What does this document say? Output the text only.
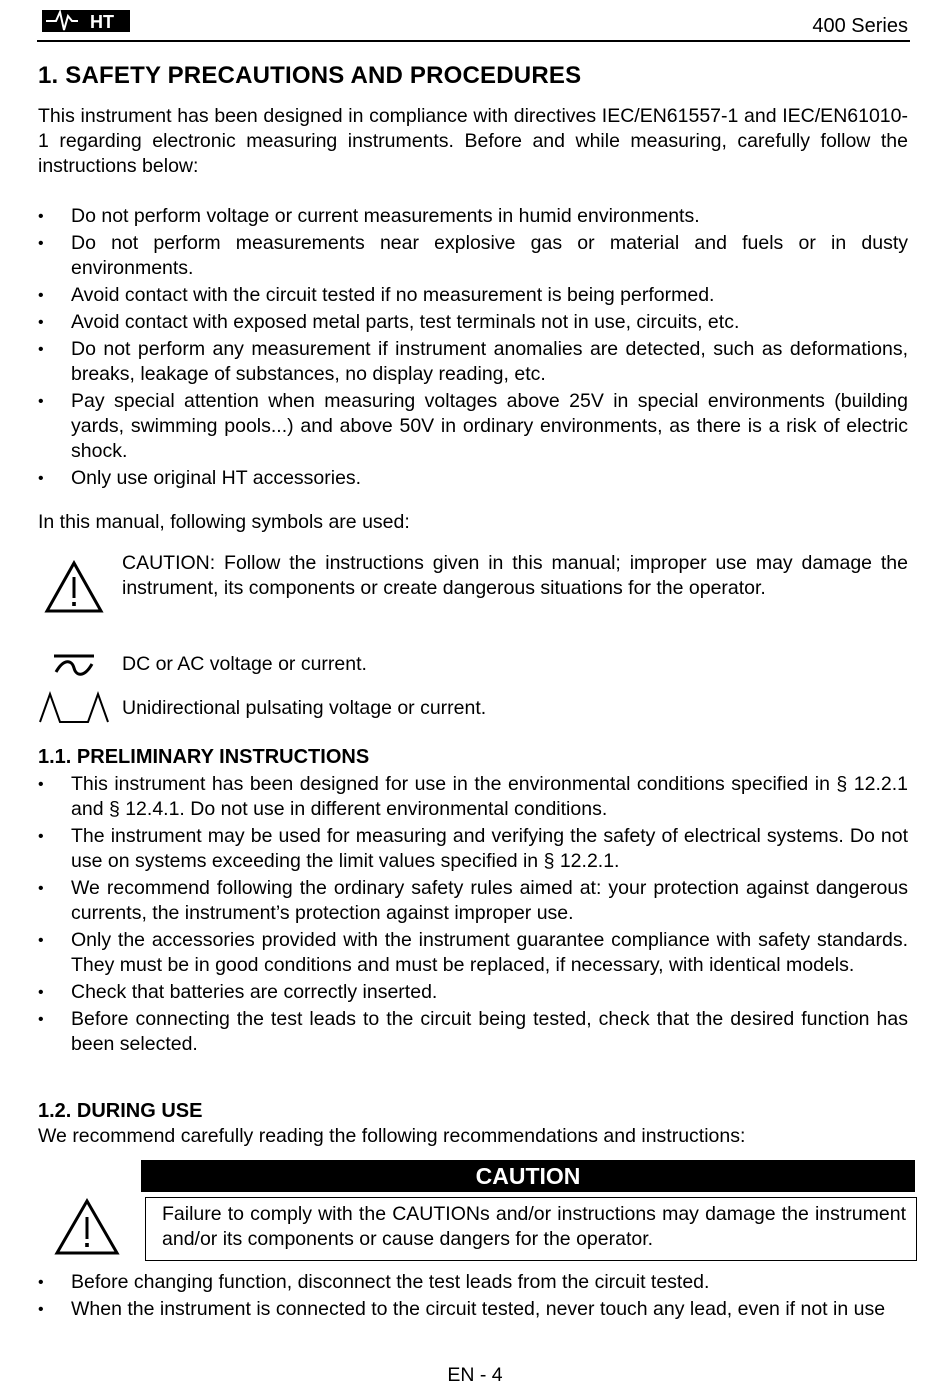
HT	400 Series
1. SAFETY PRECAUTIONS AND PROCEDURES

This instrument has been designed in compliance with directives IEC/EN61557-1 and IEC/EN61010-1 regarding electronic measuring instruments. Before and while measuring, carefully follow the instructions below:

• Do not perform voltage or current measurements in humid environments.
• Do not perform measurements near explosive gas or material and fuels or in dusty environments.
• Avoid contact with the circuit tested if no measurement is being performed.
• Avoid contact with exposed metal parts, test terminals not in use, circuits, etc.
• Do not perform any measurement if instrument anomalies are detected, such as deformations, breaks, leakage of substances, no display reading, etc.
• Pay special attention when measuring voltages above 25V in special environments (building yards, swimming pools...) and above 50V in ordinary environments, as there is a risk of electric shock.
• Only use original HT accessories.

In this manual, following symbols are used:

CAUTION: Follow the instructions given in this manual; improper use may damage the instrument, its components or create dangerous situations for the operator.

DC or AC voltage or current.

Unidirectional pulsating voltage or current.

1.1. PRELIMINARY INSTRUCTIONS
• This instrument has been designed for use in the environmental conditions specified in § 12.2.1 and § 12.4.1. Do not use in different environmental conditions.
• The instrument may be used for measuring and verifying the safety of electrical systems. Do not use on systems exceeding the limit values specified in § 12.2.1.
• We recommend following the ordinary safety rules aimed at: your protection against dangerous currents, the instrument’s protection against improper use.
• Only the accessories provided with the instrument guarantee compliance with safety standards. They must be in good conditions and must be replaced, if necessary, with identical models.
• Check that batteries are correctly inserted.
• Before connecting the test leads to the circuit being tested, check that the desired function has been selected.
1.2. DURING USE

We recommend carefully reading the following recommendations and instructions:

CAUTION
Failure to comply with the CAUTIONs and/or instructions may damage the instrument and/or its components or cause dangers for the operator.
• Before changing function, disconnect the test leads from the circuit tested.
• When the instrument is connected to the circuit tested, never touch any lead, even if not in use
EN - 4
